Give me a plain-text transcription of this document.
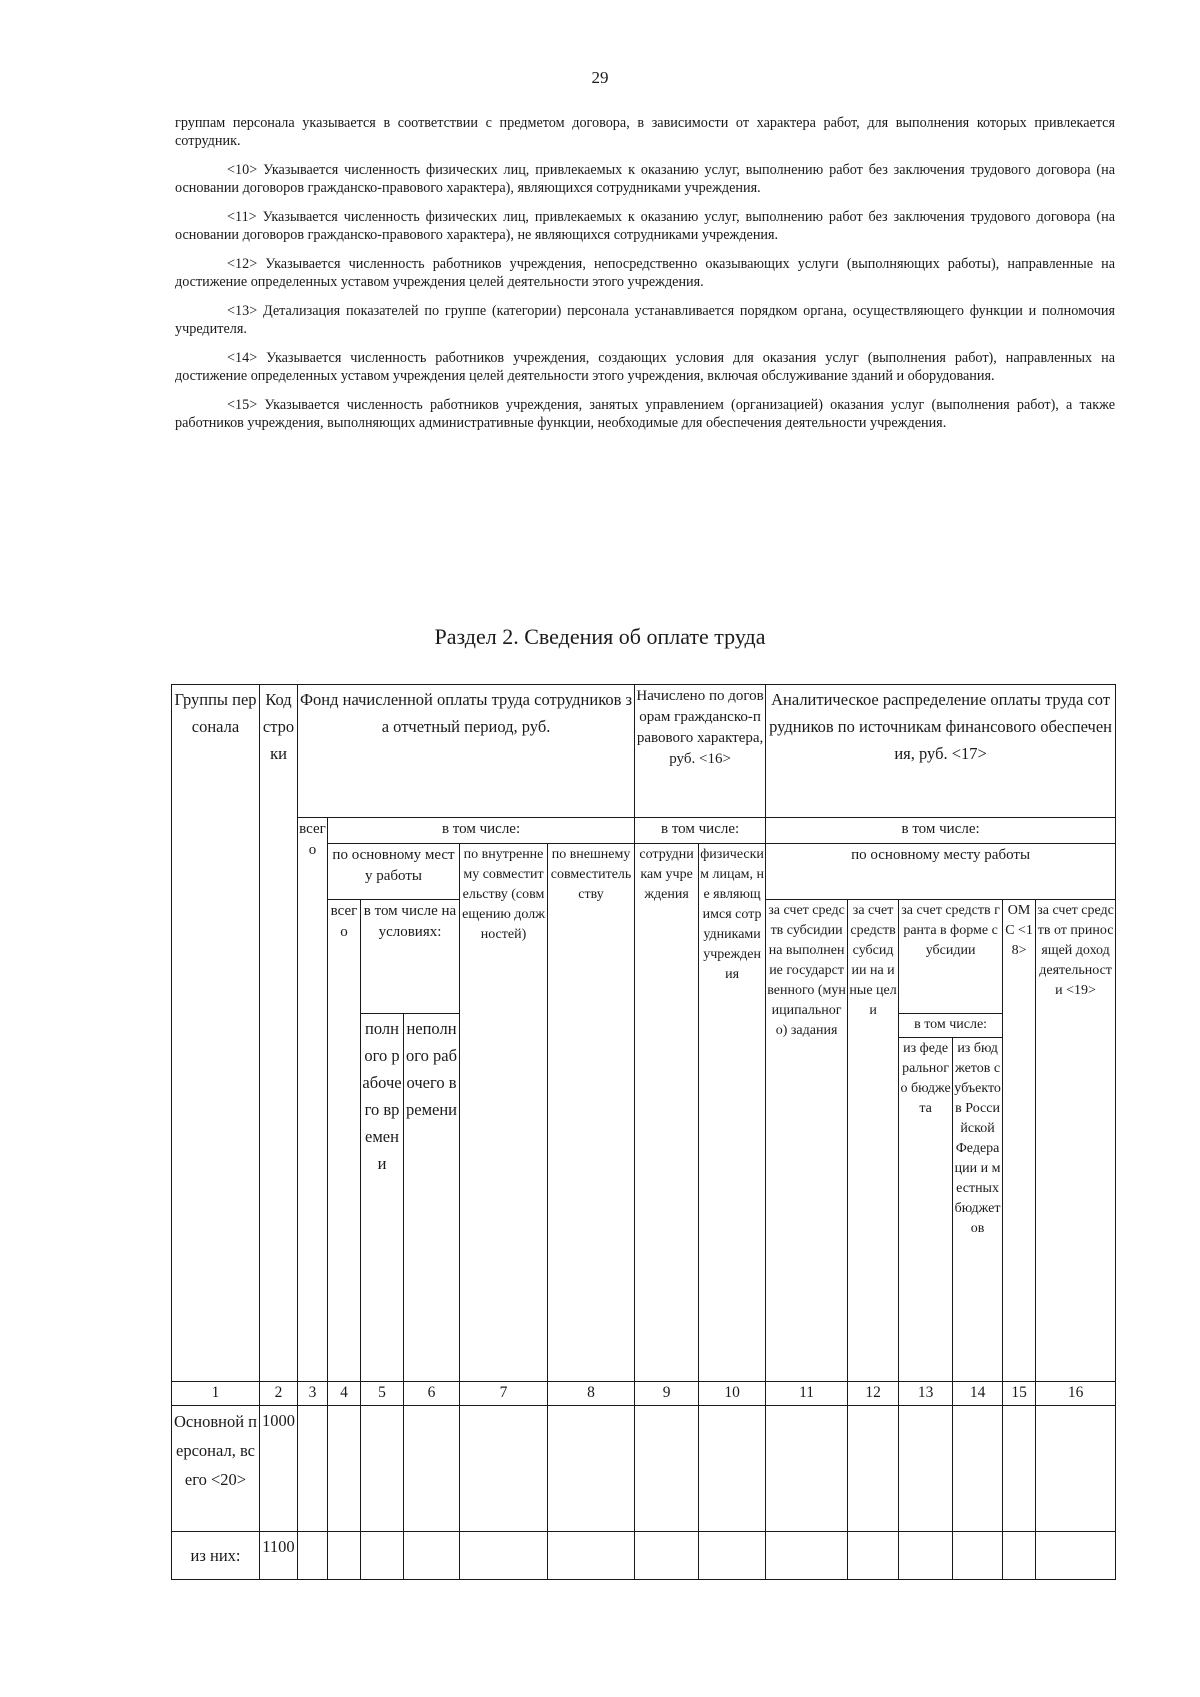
29

группам персонала указывается в соответствии с предметом договора, в зависимости от характера работ, для выполнения которых привлекается сотрудник.

<10> Указывается численность физических лиц, привлекаемых к оказанию услуг, выполнению работ без заключения трудового договора (на основании договоров гражданско-правового характера), являющихся сотрудниками учреждения.

<11> Указывается численность физических лиц, привлекаемых к оказанию услуг, выполнению работ без заключения трудового договора (на основании договоров гражданско-правового характера), не являющихся сотрудниками учреждения.

<12> Указывается численность работников учреждения, непосредственно оказывающих услуги (выполняющих работы), направленные на достижение определенных уставом учреждения целей деятельности этого учреждения.

<13> Детализация показателей по группе (категории) персонала устанавливается порядком органа, осуществляющего функции и полномочия учредителя.

<14> Указывается численность работников учреждения, создающих условия для оказания услуг (выполнения работ), направленных на достижение определенных уставом учреждения целей деятельности этого учреждения, включая обслуживание зданий и оборудования.

<15> Указывается численность работников учреждения, занятых управлением (организацией) оказания услуг (выполнения работ), а также работников учреждения, выполняющих административные функции, необходимые для обеспечения деятельности учреждения.

Раздел 2. Сведения об оплате труда
Группы персонала	Код строки	Фонд начисленной оплаты труда сотрудников за отчетный период, руб.						Начислено по договорам гражданско-правового характера, руб. <16>		Аналитическое распределение оплаты труда сотрудников по источникам финансового обеспечения, руб. <17>					
		всего	в том числе:					в том числе:		в том числе:					
			по основному месту работы			по внутреннему совместительству (совмещению должностей)	по внешнему совместительству	сотрудникам учреждения	физическим лицам, не являющимся сотрудниками учреждения	по основному месту работы					
			всего	в том числе на условиях:						за счет средств субсидии на выполнение государственного (муниципального) задания	за счет средств субсидии на иные цели	за счет средств гранта в форме субсидии		ОМС <18>	за счет средств от приносящей доход деятельности <19>
				полного рабочего времени	неполного рабочего времени							в том числе:			
												из федерального бюджета	из бюджетов субъектов Российской Федерации и местных бюджетов		

1	2	3	4	5	6	7	8	9	10	11	12	13	14	15	16
Основной персонал, всего <20>	1000														
из них:	1100														
